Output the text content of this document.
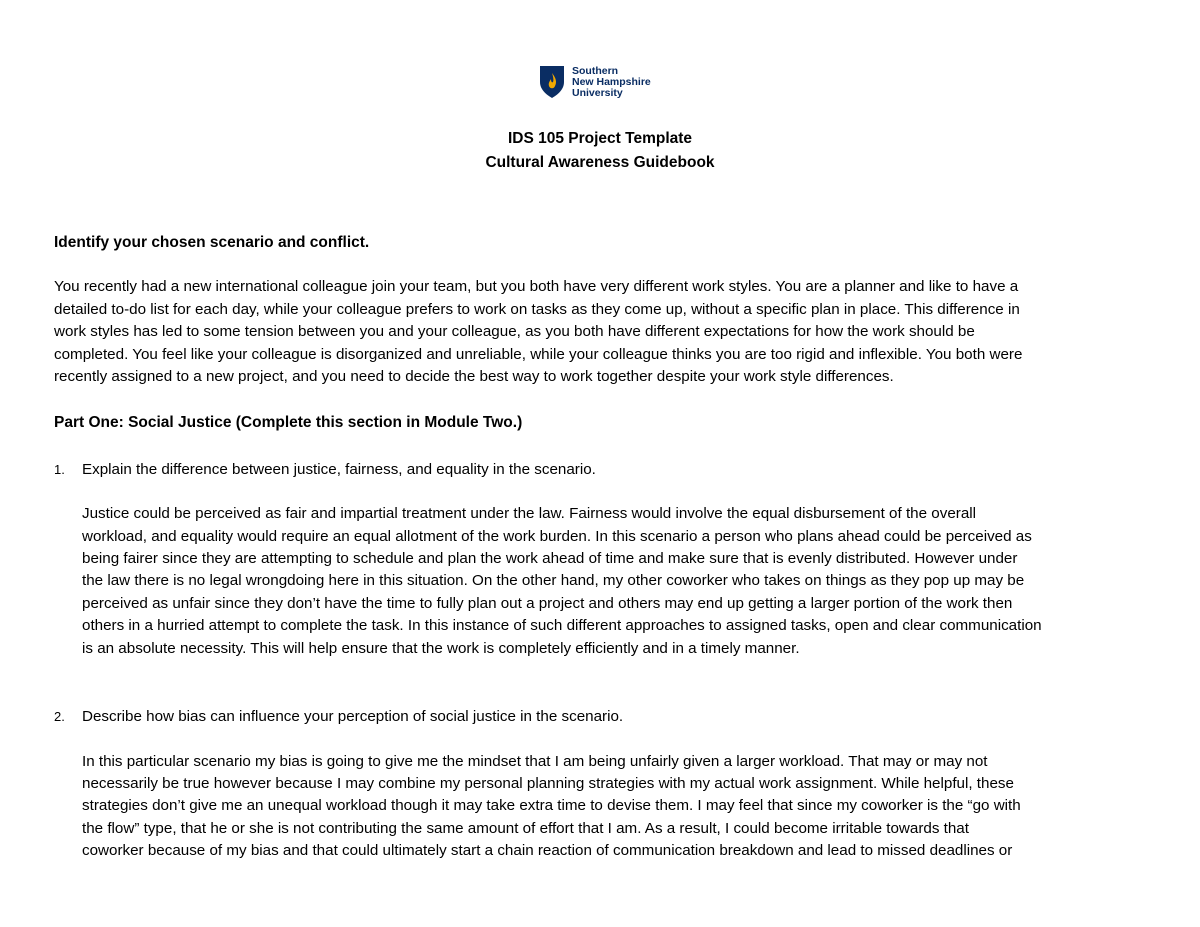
Southern
New Hampshire
University
IDS 105 Project Template
Cultural Awareness Guidebook

Identify your chosen scenario and conflict.

You recently had a new international colleague join your team, but you both have very different work styles. You are a planner and like to have a
detailed to-do list for each day, while your colleague prefers to work on tasks as they come up, without a specific plan in place. This difference in
work styles has led to some tension between you and your colleague, as you both have different expectations for how the work should be
completed. You feel like your colleague is disorganized and unreliable, while your colleague thinks you are too rigid and inflexible. You both were
recently assigned to a new project, and you need to decide the best way to work together despite your work style differences.

Part One: Social Justice (Complete this section in Module Two.)

1. Explain the difference between justice, fairness, and equality in the scenario.

Justice could be perceived as fair and impartial treatment under the law. Fairness would involve the equal disbursement of the overall
workload, and equality would require an equal allotment of the work burden. In this scenario a person who plans ahead could be perceived as
being fairer since they are attempting to schedule and plan the work ahead of time and make sure that is evenly distributed. However under
the law there is no legal wrongdoing here in this situation. On the other hand, my other coworker who takes on things as they pop up may be
perceived as unfair since they don’t have the time to fully plan out a project and others may end up getting a larger portion of the work then
others in a hurried attempt to complete the task. In this instance of such different approaches to assigned tasks, open and clear communication
is an absolute necessity. This will help ensure that the work is completely efficiently and in a timely manner.

2. Describe how bias can influence your perception of social justice in the scenario.

In this particular scenario my bias is going to give me the mindset that I am being unfairly given a larger workload. That may or may not
necessarily be true however because I may combine my personal planning strategies with my actual work assignment. While helpful, these
strategies don’t give me an unequal workload though it may take extra time to devise them. I may feel that since my coworker is the “go with
the flow” type, that he or she is not contributing the same amount of effort that I am. As a result, I could become irritable towards that
coworker because of my bias and that could ultimately start a chain reaction of communication breakdown and lead to missed deadlines or
